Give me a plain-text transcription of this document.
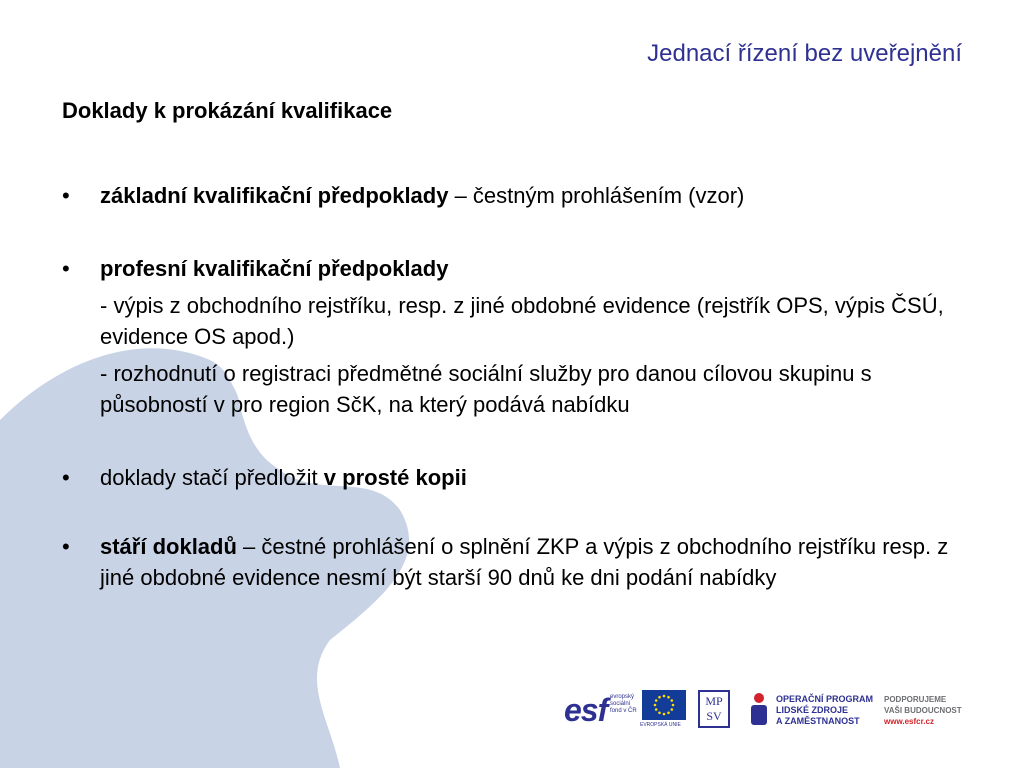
Jednací řízení bez uveřejnění
Doklady k prokázání kvalifikace
• základní kvalifikační předpoklady – čestným prohlášením (vzor)
• profesní kvalifikační předpoklady
- výpis z obchodního rejstříku, resp. z jiné obdobné evidence (rejstřík OPS, výpis ČSÚ, evidence OS apod.)
- rozhodnutí o registraci předmětné sociální služby pro danou cílovou skupinu s působností v pro region SčK, na který podává nabídku
• doklady stačí předložit v prosté kopii
• stáří dokladů – čestné prohlášení o splnění ZKP a výpis z obchodního rejstříku resp. z jiné obdobné evidence nesmí být starší 90 dnů ke dni podání nabídky
esf evropský sociální fond v ČR
EVROPSKÁ UNIE
MP
SV
OPERAČNÍ PROGRAM
LIDSKÉ ZDROJE
A ZAMĚSTNANOST
PODPORUJEME
VAŠI BUDOUCNOST
www.esfcr.cz
